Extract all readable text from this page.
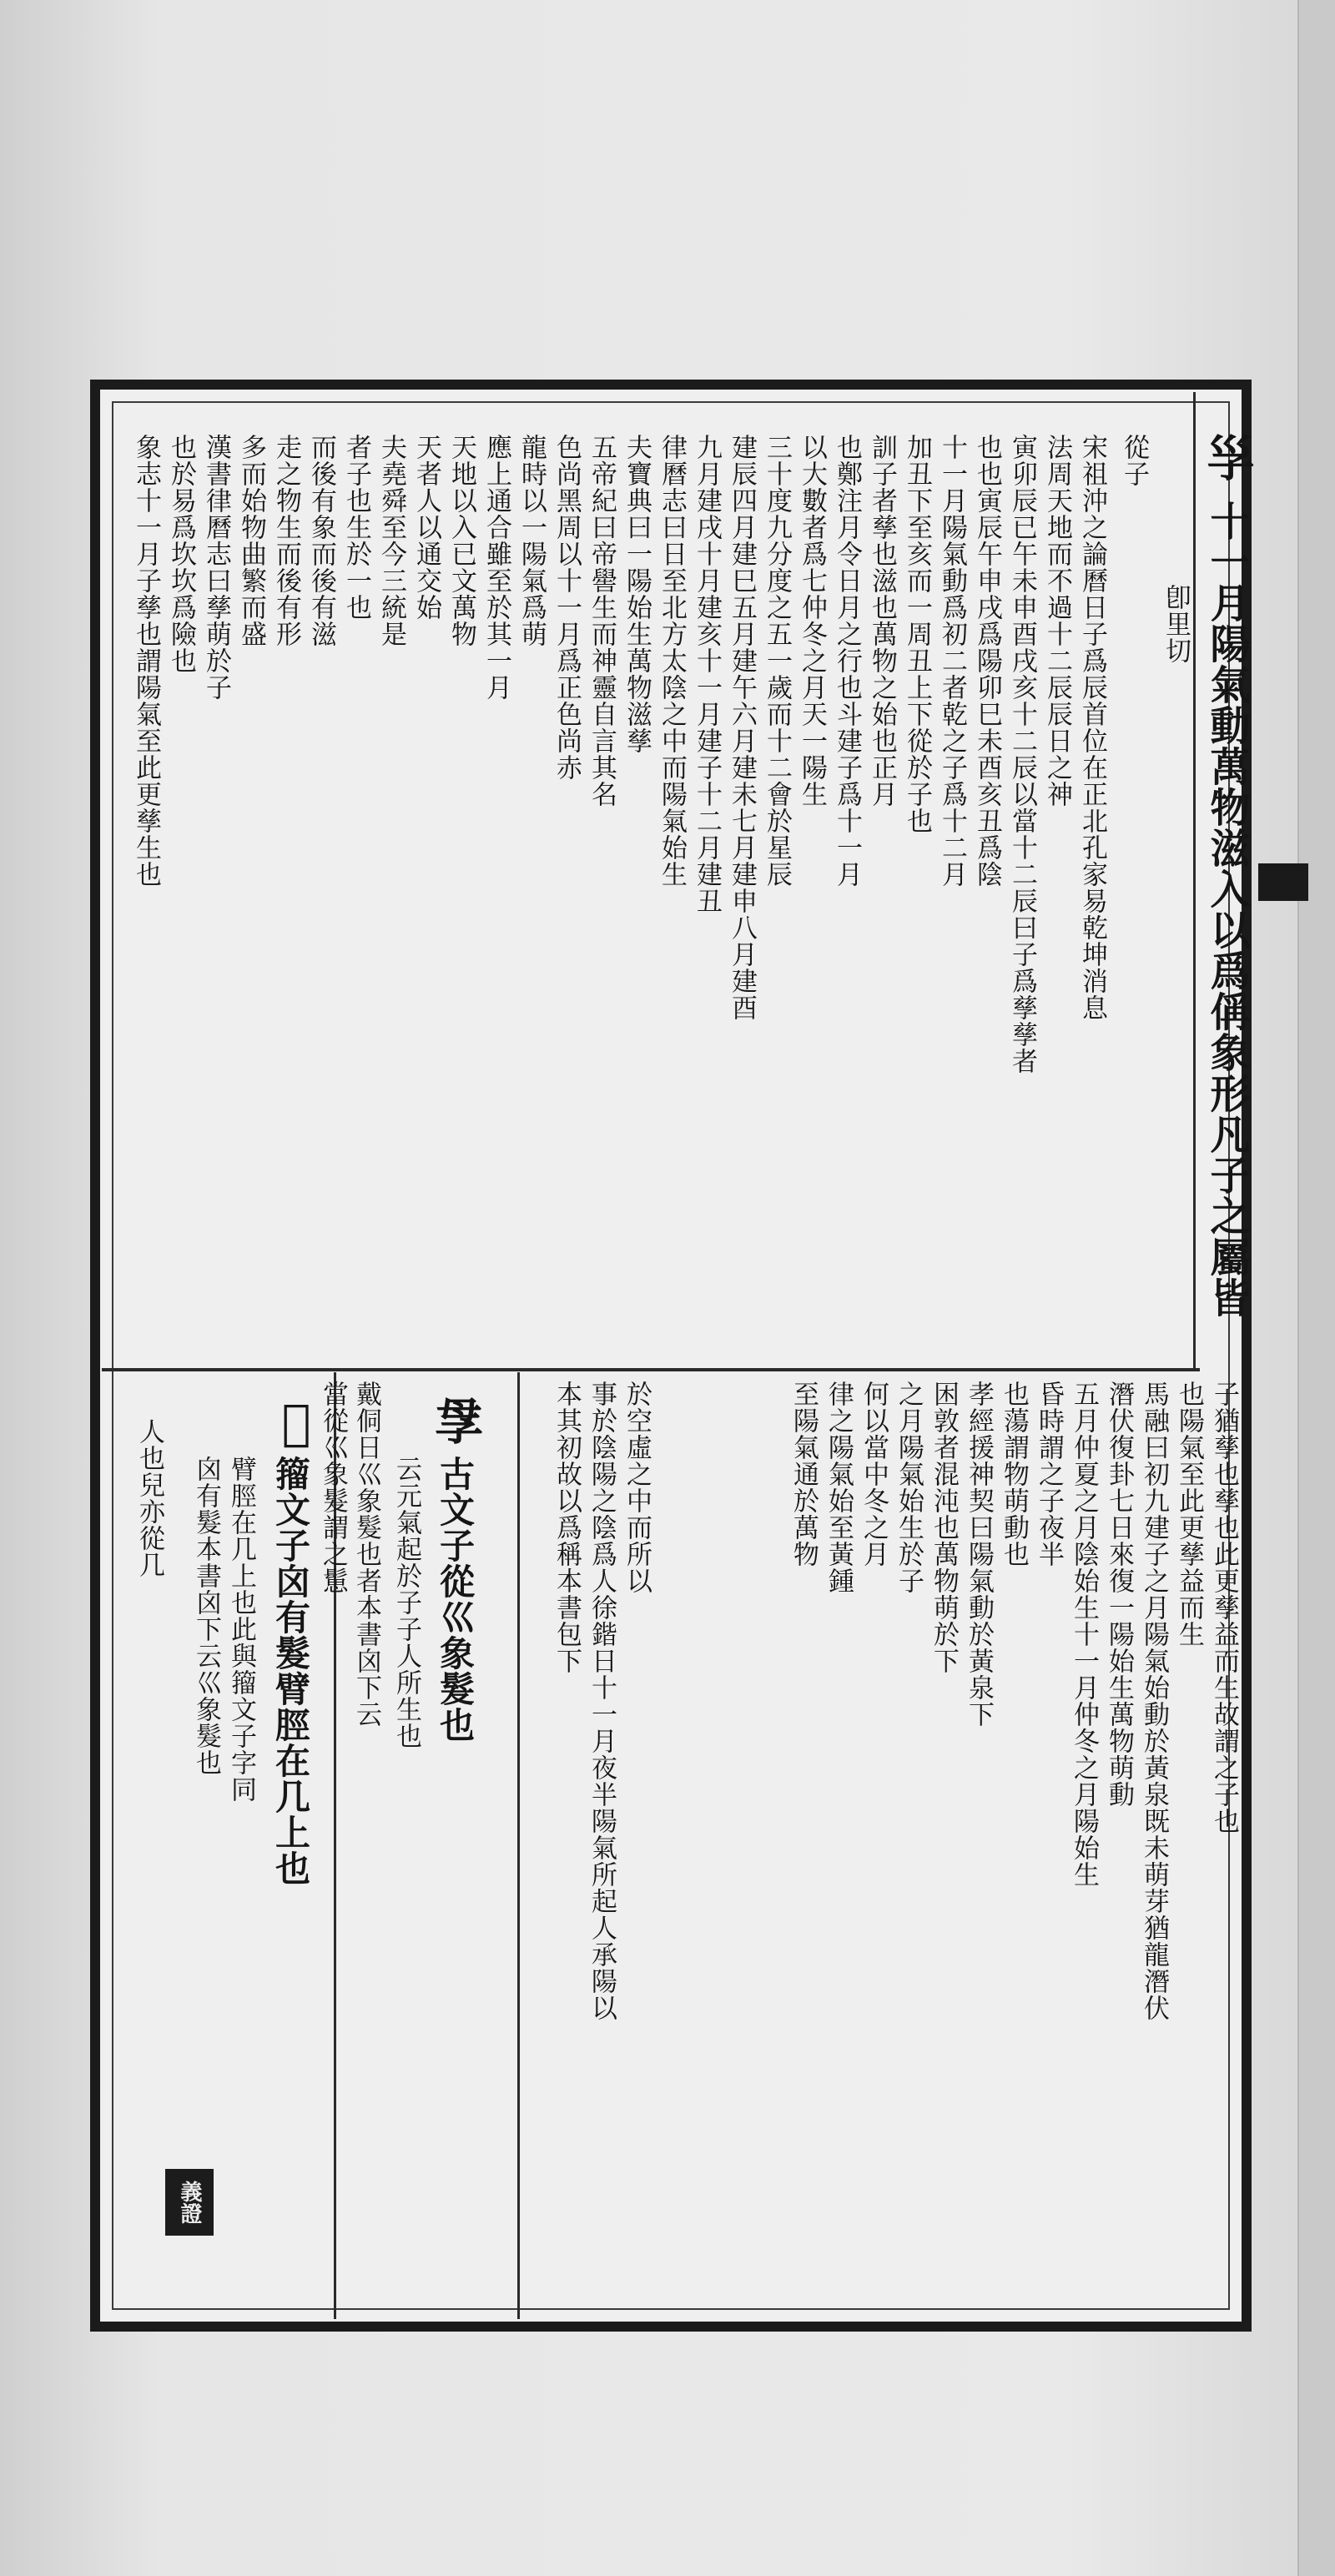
㜽
十一月陽氣動萬物滋入以爲偁象形凡子之屬皆
卽里切
從子
宋祖沖之論曆日子爲辰首位在正北孔家易乾坤消息
法周天地而不過十二辰辰日之神
寅卯辰已午未申酉戌亥十二辰以當十二辰曰子爲孳孳者
也也寅辰午申戌爲陽卯巳未酉亥丑爲陰
十一月陽氣動爲初二者乾之子爲十二月
加丑下至亥而一周丑上下從於子也
訓子者孳也滋也萬物之始也正月
也鄭注月令日月之行也斗建子爲十一月
以大數者爲七仲冬之月天一陽生
三十度九分度之五一歲而十二會於星辰
建辰四月建巳五月建午六月建未七月建申八月建酉
九月建戌十月建亥十一月建子十二月建丑
律曆志曰日至北方太陰之中而陽氣始生
夫寶典曰一陽始生萬物滋孳
五帝紀曰帝嚳生而神靈自言其名
色尚黑周以十一月爲正色尚赤
龍時以一陽氣爲萌
應上通合雖至於其一月
天地以入已文萬物
天者人以通交始
夫堯舜至今三統是
者子也生於一也
而後有象而後有滋
走之物生而後有形
多而始物曲繁而盛
漢書律曆志曰孳萌於子
也於易爲坎坎爲險也
象志十一月子孳也謂陽氣至此更孳生也
子猶孳也孳也此更孳益而生故謂之子也
也陽氣至此更孳益而生
馬融曰初九建子之月陽氣始動於黃泉既未萌芽猶龍潛伏
潛伏復卦七日來復一陽始生萬物萌動
五月仲夏之月陰始生十一月仲冬之月陽始生
昏時謂之子夜半
也蕩謂物萌動也
孝經援神契曰陽氣動於黃泉下
困敦者混沌也萬物萌於下
之月陽氣始生於子
何以當中冬之月
律之陽氣始至黃鍾
至陽氣通於萬物
𡥘
古文子從巛象髮也
云元氣起於子子人所生也	本其初故以爲稱本書包下 事於陰陽之陰爲人徐鍇日十一月夜半陽氣所起人承陽以 於空虛之中而所以
𡥦
籀文子囟有髮臂脛在几上也
臂脛在几上也此與籀文子字同
囟有髮本書囟下云巛象髮也	戴侗日巛象髮也者本書囟下云
當從巛象髮謂之䰄
人也兒亦從几
義證
